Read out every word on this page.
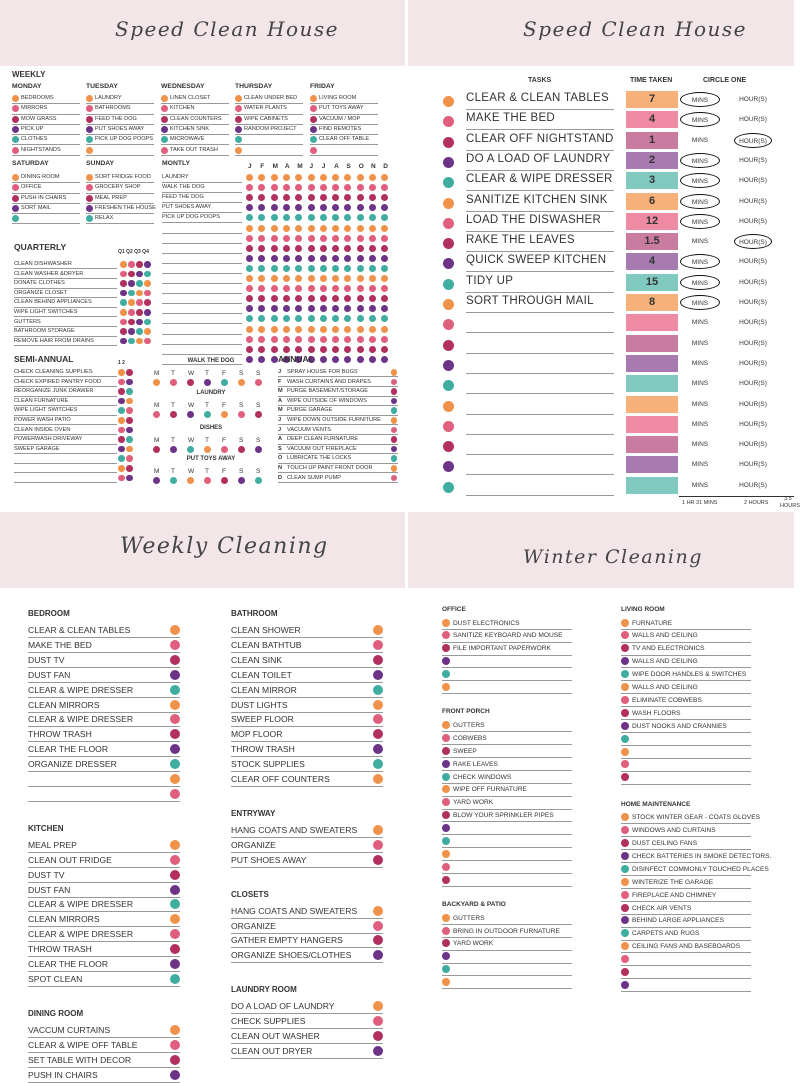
Speed Clean House
WEEKLY
MONDAY
BEDROOMS
MIRRORS
MOW GRASS
PICK UP
CLOTHES
NIGHTSTANDS
TUESDAY
LAUNDRY
BATHROOMS
FEED THE DOG
PUT SHOES AWAY
PICK UP DOG POOPS
WEDNESDAY
LINEN CLOSET
KITCHEN
CLEAN COUNTERS
KITCHEN SINK
MICROWAVE
TAKE OUT TRASH
THURSDAY
CLEAN UNDER BED
WATER PLANTS
WIPE CABINETS
RANDOM PROJECT
FRIDAY
LIVING ROOM
PUT TOYS AWAY
VACUUM / MOP
FIND REMOTES
CLEAR OFF TABLE
SATURDAY
DINING ROOM
OFFICE
PUSH IN CHAIRS
SORT MAIL
SUNDAY
SORT FRIDGE FOOD
GROCERY SHOP
MEAL PREP
FRESHEN THE HOUSE
RELAX
MONTLY	J F M A M J J A S O N D
LAUNDRY
WALK THE DOG
FEED THE DOG
PUT SHOES AWAY
PICK UP DOG POOPS
QUARTERLY	Q1 Q2 Q3 Q4
CLEAN DISHWASHER
CLEAN WASHER &DRYER
DONATE CLOTHES
ORGANIZE CLOSET
CLEAN BEHIND APPLIANCES
WIPE LIGHT SWITCHES
GUTTERS
BATHROOM STORAGE
REMOVE HAIR FROM DRAINS
SEMI-ANNUAL	1 2
CHECK CLEANING SUPPLIES
CHECK EXPIRED PANTRY FOOD
REORGANIZE JUNK DRAWER
CLEAN FURNATURE
WIPE LIGHT SWITCHES
POWER WASH PATIO
CLEAN INSIDE OVEN
POWERWASH DRIVEWAY
SWEEP GARAGE
WALK THE DOG
M T W T F S S
LAUNDRY
M T W T F S S
DISHES
M T W T F S S
PUT TOYS AWAY
M T W T F S S
ANNUAL
J SPRAY HOUSE FOR BUGS
F WASH CURTAINS AND DRAPES
M PURGE BASEMENT/STORAGE
A WIPE OUTSIDE OF WINDOWS
M PURGE GARAGE
J WIPE DOWN OUTSIDE FURNITURE
J VACUUM VENTS
A DEEP CLEAN FURNATURE
S VACUUM OUT FIREPLACE
O LUBRICATE THE LOCKS
N TOUCH UP PAINT FRONT DOOR
D CLEAN SUMP PUMP
Speed Clean House
TASKS	TIME TAKEN	CIRCLE ONE
CLEAR & CLEAN TABLES	7	MINS	HOUR(S)
MAKE THE BED	4	MINS	HOUR(S)
CLEAR OFF NIGHTSTAND	1	MINS	HOUR(S)
DO A LOAD OF LAUNDRY	2	MINS	HOUR(S)
CLEAR & WIPE DRESSER	3	MINS	HOUR(S)
SANITIZE KITCHEN SINK	6	MINS	HOUR(S)
LOAD THE DISWASHER	12	MINS	HOUR(S)
RAKE THE LEAVES	1.5	MINS	HOUR(S)
QUICK SWEEP KITCHEN	4	MINS	HOUR(S)
TIDY UP	15	MINS	HOUR(S)
SORT THROUGH MAIL	8	MINS	HOUR(S)
MINS	HOUR(S)
MINS	HOUR(S)
MINS	HOUR(S)
MINS	HOUR(S)
MINS	HOUR(S)
MINS	HOUR(S)
MINS	HOUR(S)
MINS	HOUR(S)
MINS	HOUR(S)
1 HR 31 MINS	2 HOURS
3.5
HOURS
Weekly Cleaning
BEDROOM
CLEAR & CLEAN TABLES
MAKE THE BED
DUST TV
DUST FAN
CLEAR & WIPE DRESSER
CLEAN MIRRORS
CLEAR & WIPE DRESSER
THROW TRASH
CLEAR THE FLOOR
ORGANIZE DRESSER
KITCHEN
MEAL PREP
CLEAN OUT FRIDGE
DUST TV
DUST FAN
CLEAR & WIPE DRESSER
CLEAN MIRRORS
CLEAR & WIPE DRESSER
THROW TRASH
CLEAR THE FLOOR
SPOT CLEAN
DINING ROOM
VACCUM CURTAINS
CLEAR & WIPE OFF TABLE
SET TABLE WITH DECOR
PUSH IN CHAIRS
BATHROOM
CLEAN SHOWER
CLEAN BATHTUB
CLEAN SINK
CLEAN TOILET
CLEAN MIRROR
DUST LIGHTS
SWEEP FLOOR
MOP FLOOR
THROW TRASH
STOCK SUPPLIES
CLEAR OFF COUNTERS
ENTRYWAY
HANG COATS AND SWEATERS
ORGANIZE
PUT SHOES AWAY
CLOSETS
HANG COATS AND SWEATERS
ORGANIZE
GATHER EMPTY HANGERS
ORGANIZE SHOES/CLOTHES
LAUNDRY ROOM
DO A LOAD OF LAUNDRY
CHECK SUPPLIES
CLEAN OUT WASHER
CLEAN OUT DRYER
Winter Cleaning
OFFICE
DUST ELECTRONICS
SANITIZE KEYBOARD AND MOUSE
FILE IMPORTANT PAPERWORK
FRONT PORCH
GUTTERS
COBWEBS
SWEEP
RAKE LEAVES
CHECK WINDOWS
WIPE OFF FURNATURE
YARD WORK
BLOW YOUR SPRINKLER PIPES
BACKYARD & PATIO
GUTTERS
BRING IN OUTDOOR FURNATURE
YARD WORK
LIVING ROOM
FURNATURE
WALLS AND CEILING
TV AND ELECTRONICS
WALLS AND CEILING
WIPE DOOR HANDLES & SWITCHES
WALLS AND CEILING
ELIMINATE COBWEBS
WASH FLOORS
DUST NOOKS AND CRANNIES
HOME MAINTENANCE
STOCK WINTER GEAR - COATS GLOVES
WINDOWS AND CURTAINS
DUST CEILING FANS
CHECK BATTERIES IN SMOKE DETECTORS.
DISINFECT COMMONLY TOUCHED PLACES
WINTERIZE THE GARAGE
FIREPLACE AND CHIMNEY
CHECK AIR VENTS
BEHIND LARGE APPLIANCES
CARPETS AND RUGS
CEILING FANS AND BASEBOARDS
